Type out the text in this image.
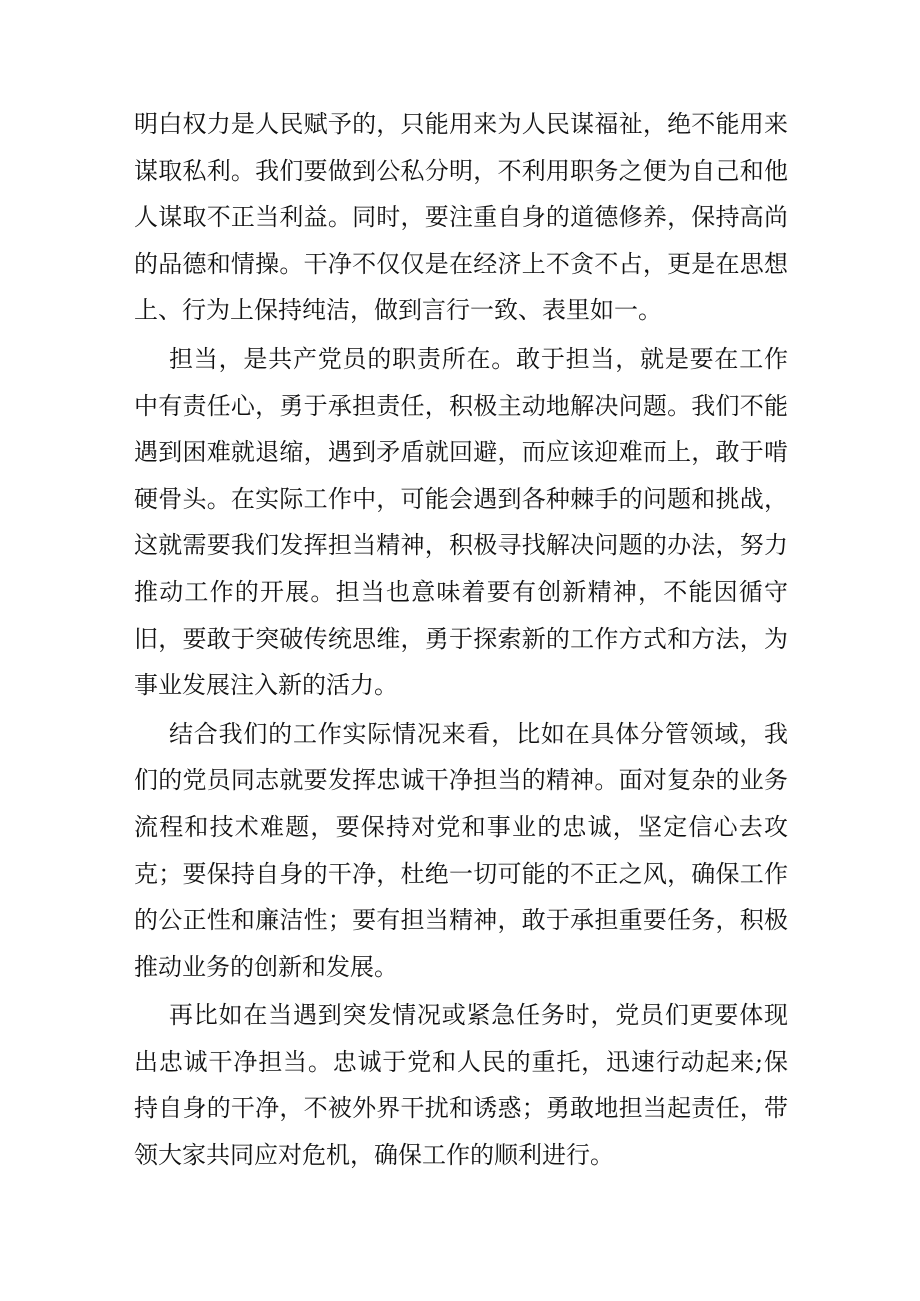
明白权力是人民赋予的，只能用来为人民谋福祉，绝不能用来谋取私利。我们要做到公私分明，不利用职务之便为自己和他人谋取不正当利益。同时，要注重自身的道德修养，保持高尚的品德和情操。干净不仅仅是在经济上不贪不占，更是在思想上、行为上保持纯洁，做到言行一致、表里如一。

担当，是共产党员的职责所在。敢于担当，就是要在工作中有责任心，勇于承担责任，积极主动地解决问题。我们不能遇到困难就退缩，遇到矛盾就回避，而应该迎难而上，敢于啃硬骨头。在实际工作中，可能会遇到各种棘手的问题和挑战，这就需要我们发挥担当精神，积极寻找解决问题的办法，努力推动工作的开展。担当也意味着要有创新精神，不能因循守旧，要敢于突破传统思维，勇于探索新的工作方式和方法，为事业发展注入新的活力。

结合我们的工作实际情况来看，比如在具体分管领域，我们的党员同志就要发挥忠诚干净担当的精神。面对复杂的业务流程和技术难题，要保持对党和事业的忠诚，坚定信心去攻克；要保持自身的干净，杜绝一切可能的不正之风，确保工作的公正性和廉洁性；要有担当精神，敢于承担重要任务，积极推动业务的创新和发展。

再比如在当遇到突发情况或紧急任务时，党员们更要体现出忠诚干净担当。忠诚于党和人民的重托，迅速行动起来;保持自身的干净，不被外界干扰和诱惑；勇敢地担当起责任，带领大家共同应对危机，确保工作的顺利进行。
